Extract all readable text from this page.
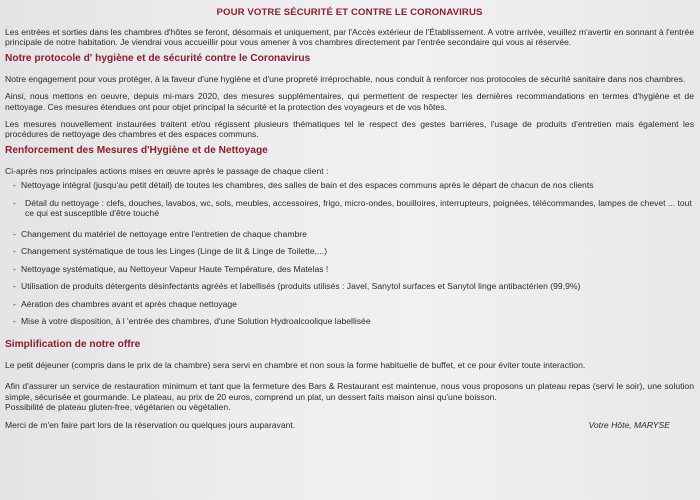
POUR VOTRE SÉCURITÉ ET CONTRE LE CORONAVIRUS

Les entrées et sorties dans les chambres d'hôtes se feront, désormais et uniquement, par l'Accès extérieur de l'Établissement. A votre arrivée, veuillez m'avertir en sonnant à l'entrée principale de notre habitation. Je viendrai vous accueillir pour vous amener à vos chambres directement par l'entrée secondaire qui vous ai réservée.

Notre protocole d' hygiène et de sécurité contre le Coronavirus

Notre engagement pour vous protéger, à la faveur d'une hygiène et d'une propreté irréprochable, nous conduit à renforcer nos protocoles de sécurité sanitaire dans nos chambres.

Ainsi, nous mettons en oeuvre, depuis mi-mars 2020, des mesures supplémentaires, qui permettent de respecter les dernières recommandations en termes d'hygiène et de nettoyage. Ces mesures étendues ont pour objet principal la sécurité et la protection des voyageurs et de vos hôtes.

Les mesures nouvellement instaurées traitent et/ou régissent plusieurs thématiques tel le respect des gestes barrières, l'usage de produits d'entretien mais également les procédures de nettoyage des chambres et des espaces communs.

Renforcement des Mesures d'Hygiène et de Nettoyage

Ci-après nos principales actions mises en œuvre après le passage de chaque client :

- Nettoyage intégral (jusqu'au petit détail) de toutes les chambres, des salles de bain et des espaces communs après le départ de chacun de nos clients
- Détail du nettoyage : clefs, douches, lavabos, wc, sols, meubles, accessoires, frigo, micro-ondes, bouilloires, interrupteurs, poignées, télécommandes, lampes de chevet ... tout ce qui est susceptible d'être touché
- Changement du matériel de nettoyage entre l'entretien de chaque chambre
- Changement systématique de tous les Linges (Linge de lit & Linge de Toilette,...)
- Nettoyage systématique, au Nettoyeur Vapeur Haute Température, des Matelas !
- Utilisation de produits détergents désinfectants agréés et labellisés (produits utilisés : Javel, Sanytol surfaces et Sanytol linge antibactérien (99,9%)
- Aération des chambres avant et après chaque nettoyage
- Mise à votre disposition, à l 'entrée des chambres, d'une Solution Hydroalcoolique labellisée
Simplification de notre offre

Le petit déjeuner (compris dans le prix de la chambre) sera servi en chambre et non sous la forme habituelle de buffet, et ce pour éviter toute interaction.

Afin d'assurer un service de restauration minimum et tant que la fermeture des Bars & Restaurant est maintenue, nous vous proposons un plateau repas (servi le soir), une solution simple, sécurisée et gourmande. Le plateau, au prix de 20 euros, comprend un plat, un dessert faits maison ainsi qu'une boisson.

Possibilité de plateau gluten-free, végétarien ou végétalien.

Merci de m'en faire part lors de la réservation ou quelques jours auparavant.	Votre Hôte, MARYSE
